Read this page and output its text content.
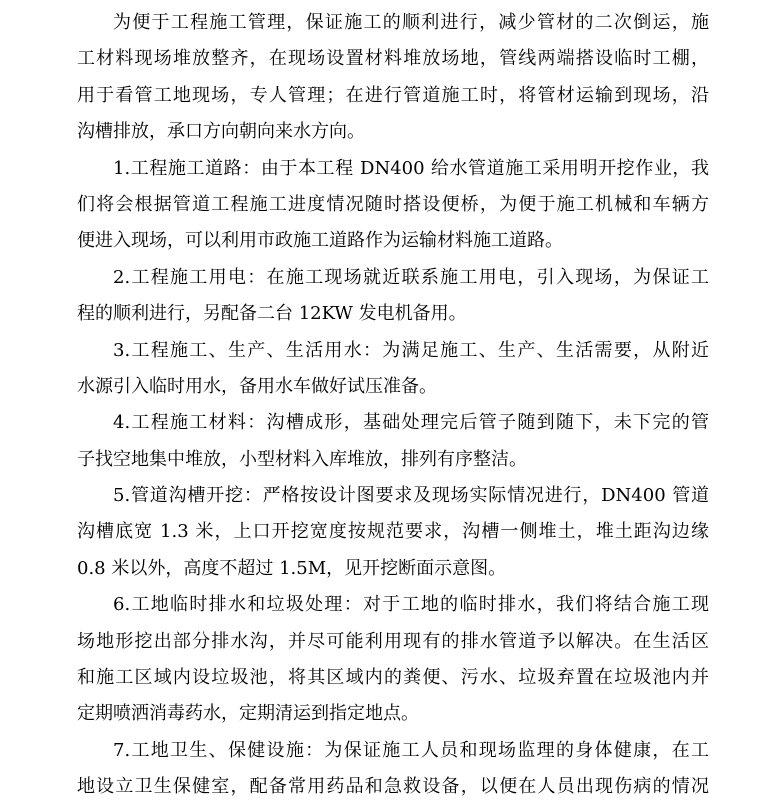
为便于工程施工管理，保证施工的顺利进行，减少管材的二次倒运，施
工材料现场堆放整齐，在现场设置材料堆放场地，管线两端搭设临时工棚，
用于看管工地现场，专人管理；在进行管道施工时，将管材运输到现场，沿
沟槽排放，承口方向朝向来水方向。

1.工程施工道路：由于本工程 DN400 给水管道施工采用明开挖作业，我
们将会根据管道工程施工进度情况随时搭设便桥，为便于施工机械和车辆方
便进入现场，可以利用市政施工道路作为运输材料施工道路。

2.工程施工用电：在施工现场就近联系施工用电，引入现场，为保证工
程的顺利进行，另配备二台 12KW 发电机备用。

3.工程施工、生产、生活用水：为满足施工、生产、生活需要，从附近
水源引入临时用水，备用水车做好试压准备。

4.工程施工材料：沟槽成形，基础处理完后管子随到随下，未下完的管
子找空地集中堆放，小型材料入库堆放，排列有序整洁。

5.管道沟槽开挖：严格按设计图要求及现场实际情况进行，DN400 管道
沟槽底宽 1.3 米，上口开挖宽度按规范要求，沟槽一侧堆土，堆土距沟边缘
0.8 米以外，高度不超过 1.5M，见开挖断面示意图。

6.工地临时排水和垃圾处理：对于工地的临时排水，我们将结合施工现
场地形挖出部分排水沟，并尽可能利用现有的排水管道予以解决。在生活区
和施工区域内设垃圾池，将其区域内的粪便、污水、垃圾弃置在垃圾池内并
定期喷洒消毒药水，定期清运到指定地点。

7.工地卫生、保健设施：为保证施工人员和现场监理的身体健康，在工
地设立卫生保健室，配备常用药品和急救设备，以便在人员出现伤病的情况
